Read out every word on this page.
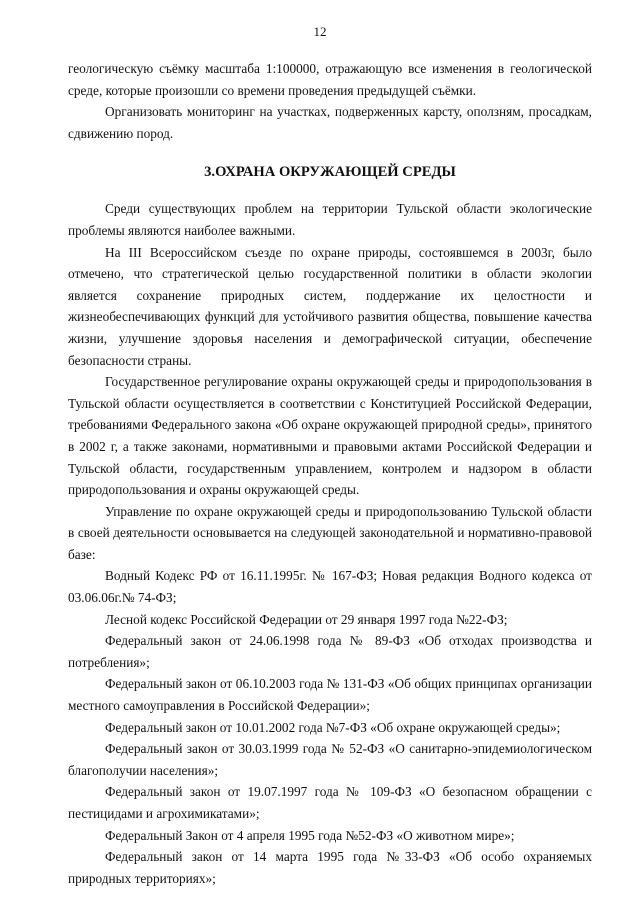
12

геологическую съёмку масштаба 1:100000, отражающую все изменения в геологической среде, которые произошли со времени проведения предыдущей съёмки.

Организовать мониторинг на участках, подверженных карсту, оползням, просадкам, сдвижению пород.

3.ОХРАНА ОКРУЖАЮЩЕЙ СРЕДЫ

Среди существующих проблем на территории Тульской области экологические проблемы являются наиболее важными.

На III Всероссийском съезде по охране природы, состоявшемся в 2003г, было отмечено, что стратегической целью государственной политики в области экологии является сохранение природных систем, поддержание их целостности и жизнеобеспечивающих функций для устойчивого развития общества, повышение качества жизни, улучшение здоровья населения и демографической ситуации, обеспечение безопасности страны.

Государственное регулирование охраны окружающей среды и природопользования в Тульской области осуществляется в соответствии с Конституцией Российской Федерации, требованиями Федерального закона «Об охране окружающей природной среды», принятого в 2002 г, а также законами, нормативными и правовыми актами Российской Федерации и Тульской области, государственным управлением, контролем и надзором в области природопользования и охраны окружающей среды.

Управление по охране окружающей среды и природопользованию Тульской области в своей деятельности основывается на следующей законодательной и нормативно-правовой базе:

Водный Кодекс РФ от 16.11.1995г. № 167-ФЗ; Новая редакция Водного кодекса от 03.06.06г.№ 74-ФЗ;

Лесной кодекс Российской Федерации от 29 января 1997 года №22-ФЗ;

Федеральный закон от 24.06.1998 года № 89-ФЗ «Об отходах производства и потребления»;

Федеральный закон от 06.10.2003 года № 131-ФЗ «Об общих принципах организации местного самоуправления в Российской Федерации»;

Федеральный закон от 10.01.2002 года №7-ФЗ «Об охране окружающей среды»;

Федеральный закон от 30.03.1999 года № 52-ФЗ «О санитарно-эпидемиологическом благополучии населения»;

Федеральный закон от 19.07.1997 года № 109-ФЗ «О безопасном обращении с пестицидами и агрохимикатами»;

Федеральный Закон от 4 апреля 1995 года №52-ФЗ «О животном мире»;

Федеральный закон от 14 марта 1995 года №33-ФЗ «Об особо охраняемых природных территориях»;
